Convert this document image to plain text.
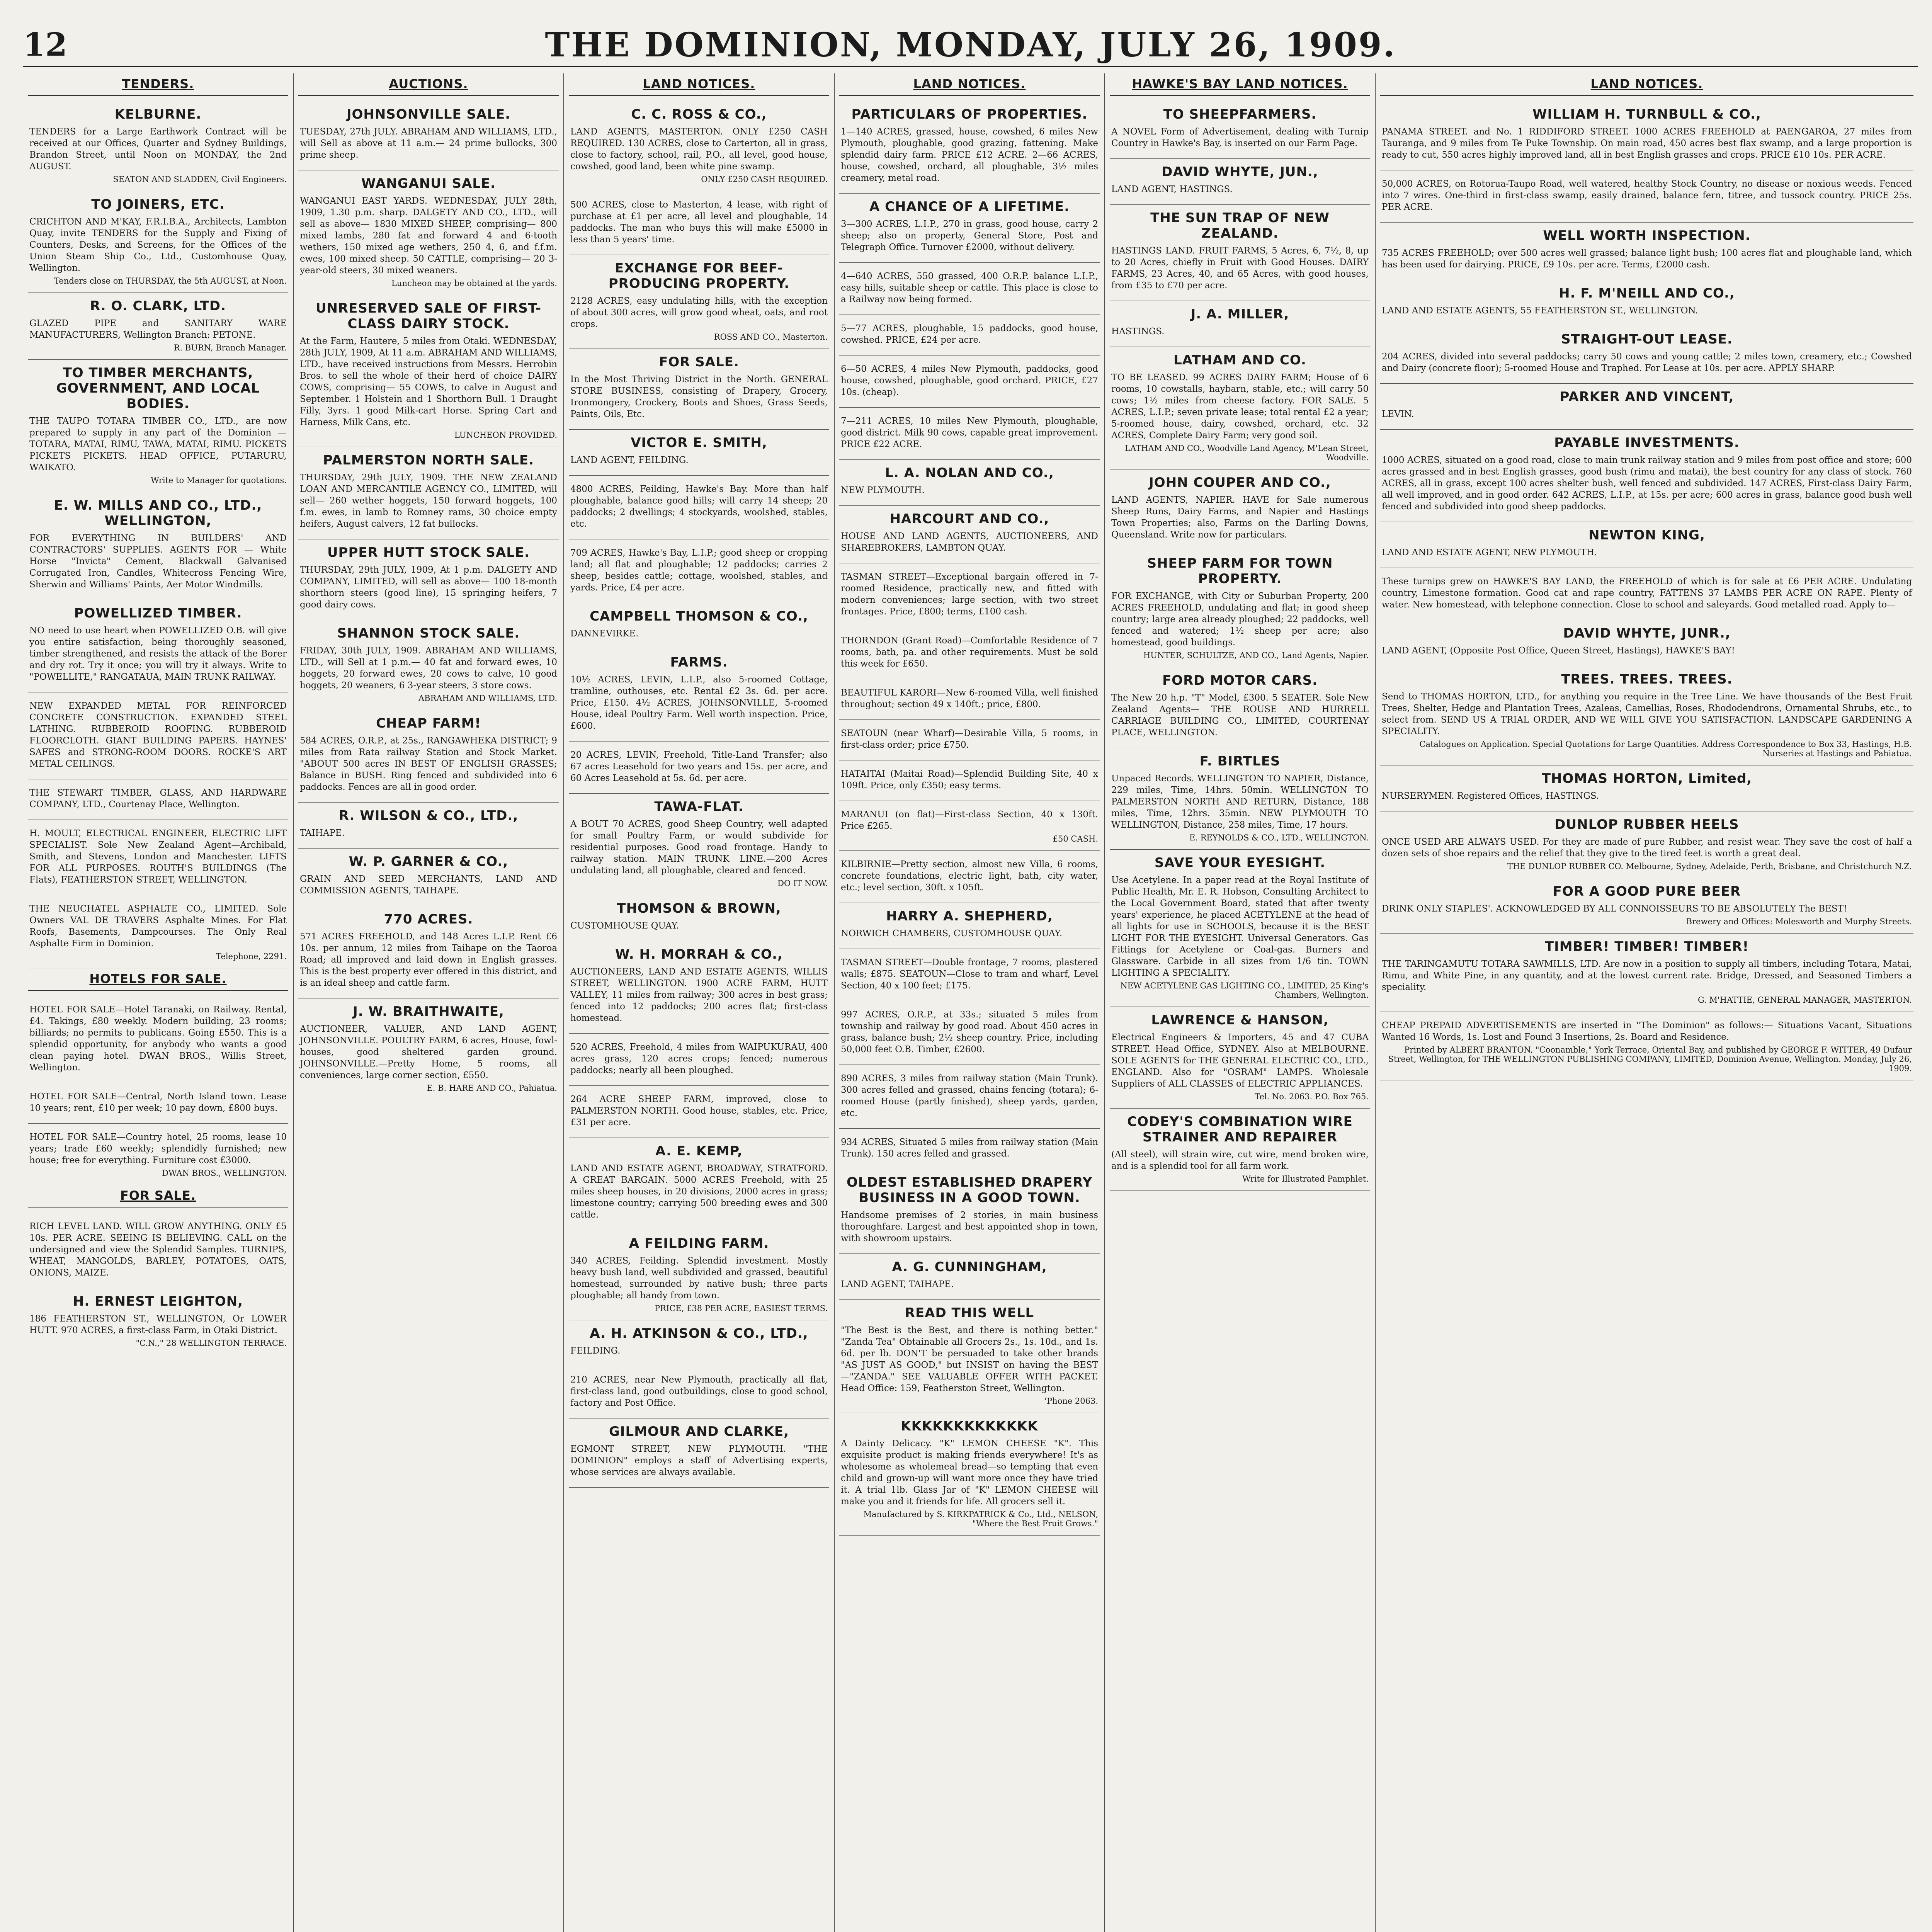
12	THE DOMINION, MONDAY, JULY 26, 1909.
TENDERS.
KELBURNE.

TENDERS for a Large Earthwork Contract will be received at our Offices, Quarter and Sydney Buildings, Brandon Street, until Noon on MONDAY, the 2nd AUGUST.

SEATON AND SLADDEN, Civil Engineers.
TO JOINERS, ETC.

CRICHTON AND M'KAY, F.R.I.B.A., Architects, Lambton Quay, invite TENDERS for the Supply and Fixing of Counters, Desks, and Screens, for the Offices of the Union Steam Ship Co., Ltd., Customhouse Quay, Wellington.

Tenders close on THURSDAY, the 5th AUGUST, at Noon.
R. O. CLARK, LTD.

GLAZED PIPE and SANITARY WARE MANUFACTURERS, Wellington Branch: PETONE.

R. BURN, Branch Manager.
TO TIMBER MERCHANTS, GOVERNMENT, AND LOCAL BODIES.

THE TAUPO TOTARA TIMBER CO., LTD., are now prepared to supply in any part of the Dominion — TOTARA, MATAI, RIMU, TAWA, MATAI, RIMU. PICKETS PICKETS PICKETS. HEAD OFFICE, PUTARURU, WAIKATO.

Write to Manager for quotations.
E. W. MILLS AND CO., LTD., WELLINGTON,

FOR EVERYTHING IN BUILDERS' AND CONTRACTORS' SUPPLIES. AGENTS FOR — White Horse "Invicta" Cement, Blackwall Galvanised Corrugated Iron, Candles, Whitecross Fencing Wire, Sherwin and Williams' Paints, Aer Motor Windmills.

POWELLIZED TIMBER.

NO need to use heart when POWELLIZED O.B. will give you entire satisfaction, being thoroughly seasoned, timber strengthened, and resists the attack of the Borer and dry rot. Try it once; you will try it always. Write to "POWELLITE," RANGATAUA, MAIN TRUNK RAILWAY.

NEW EXPANDED METAL FOR REINFORCED CONCRETE CONSTRUCTION. EXPANDED STEEL LATHING. RUBBEROID ROOFING. RUBBEROID FLOORCLOTH. GIANT BUILDING PAPERS. HAYNES' SAFES and STRONG-ROOM DOORS. ROCKE'S ART METAL CEILINGS.

THE STEWART TIMBER, GLASS, AND HARDWARE COMPANY, LTD., Courtenay Place, Wellington.

H. MOULT, ELECTRICAL ENGINEER, ELECTRIC LIFT SPECIALIST. Sole New Zealand Agent—Archibald, Smith, and Stevens, London and Manchester. LIFTS FOR ALL PURPOSES. ROUTH'S BUILDINGS (The Flats), FEATHERSTON STREET, WELLINGTON.

THE NEUCHATEL ASPHALTE CO., LIMITED. Sole Owners VAL DE TRAVERS Asphalte Mines. For Flat Roofs, Basements, Dampcourses. The Only Real Asphalte Firm in Dominion.

Telephone, 2291.
HOTELS FOR SALE.

HOTEL FOR SALE—Hotel Taranaki, on Railway. Rental, £4. Takings, £80 weekly. Modern building, 23 rooms; billiards; no permits to publicans. Going £550. This is a splendid opportunity, for anybody who wants a good clean paying hotel. DWAN BROS., Willis Street, Wellington.

HOTEL FOR SALE—Central, North Island town. Lease 10 years; rent, £10 per week; 10 pay down, £800 buys.

HOTEL FOR SALE—Country hotel, 25 rooms, lease 10 years; trade £60 weekly; splendidly furnished; new house; free for everything. Furniture cost £3000.

DWAN BROS., WELLINGTON.
FOR SALE.

RICH LEVEL LAND. WILL GROW ANYTHING. ONLY £5 10s. PER ACRE. SEEING IS BELIEVING. CALL on the undersigned and view the Splendid Samples. TURNIPS, WHEAT, MANGOLDS, BARLEY, POTATOES, OATS, ONIONS, MAIZE.

H. ERNEST LEIGHTON,

186 FEATHERSTON ST., WELLINGTON, Or LOWER HUTT. 970 ACRES, a first-class Farm, in Otaki District.

"C.N.," 28 WELLINGTON TERRACE.
AUCTIONS.
JOHNSONVILLE SALE.

TUESDAY, 27th JULY. ABRAHAM AND WILLIAMS, LTD., will Sell as above at 11 a.m.— 24 prime bullocks, 300 prime sheep.

WANGANUI SALE.

WANGANUI EAST YARDS. WEDNESDAY, JULY 28th, 1909, 1.30 p.m. sharp. DALGETY AND CO., LTD., will sell as above— 1830 MIXED SHEEP, comprising— 800 mixed lambs, 280 fat and forward 4 and 6-tooth wethers, 150 mixed age wethers, 250 4, 6, and f.f.m. ewes, 100 mixed sheep. 50 CATTLE, comprising— 20 3-year-old steers, 30 mixed weaners.

Luncheon may be obtained at the yards.
UNRESERVED SALE OF FIRST-CLASS DAIRY STOCK.

At the Farm, Hautere, 5 miles from Otaki. WEDNESDAY, 28th JULY, 1909, At 11 a.m. ABRAHAM AND WILLIAMS, LTD., have received instructions from Messrs. Herrobin Bros. to sell the whole of their herd of choice DAIRY COWS, comprising— 55 COWS, to calve in August and September. 1 Holstein and 1 Shorthorn Bull. 1 Draught Filly, 3yrs. 1 good Milk-cart Horse. Spring Cart and Harness, Milk Cans, etc.

LUNCHEON PROVIDED.
PALMERSTON NORTH SALE.

THURSDAY, 29th JULY, 1909. THE NEW ZEALAND LOAN AND MERCANTILE AGENCY CO., LIMITED, will sell— 260 wether hoggets, 150 forward hoggets, 100 f.m. ewes, in lamb to Romney rams, 30 choice empty heifers, August calvers, 12 fat bullocks.

UPPER HUTT STOCK SALE.

THURSDAY, 29th JULY, 1909, At 1 p.m. DALGETY AND COMPANY, LIMITED, will sell as above— 100 18-month shorthorn steers (good line), 15 springing heifers, 7 good dairy cows.

SHANNON STOCK SALE.

FRIDAY, 30th JULY, 1909. ABRAHAM AND WILLIAMS, LTD., will Sell at 1 p.m.— 40 fat and forward ewes, 10 hoggets, 20 forward ewes, 20 cows to calve, 10 good hoggets, 20 weaners, 6 3-year steers, 3 store cows.

ABRAHAM AND WILLIAMS, LTD.
CHEAP FARM!

584 ACRES, O.R.P., at 25s., RANGAWHEKA DISTRICT; 9 miles from Rata railway Station and Stock Market. "ABOUT 500 acres IN BEST OF ENGLISH GRASSES; Balance in BUSH. Ring fenced and subdivided into 6 paddocks. Fences are all in good order.

R. WILSON & CO., LTD.,

TAIHAPE.

W. P. GARNER & CO.,

GRAIN AND SEED MERCHANTS, LAND AND COMMISSION AGENTS, TAIHAPE.

770 ACRES.

571 ACRES FREEHOLD, and 148 Acres L.I.P. Rent £6 10s. per annum, 12 miles from Taihape on the Taoroa Road; all improved and laid down in English grasses. This is the best property ever offered in this district, and is an ideal sheep and cattle farm.

J. W. BRAITHWAITE,

AUCTIONEER, VALUER, AND LAND AGENT, JOHNSONVILLE. POULTRY FARM, 6 acres, House, fowl-houses, good sheltered garden ground. JOHNSONVILLE.—Pretty Home, 5 rooms, all conveniences, large corner section, £550.

E. B. HARE AND CO., Pahiatua.
LAND NOTICES.
C. C. ROSS & CO.,

LAND AGENTS, MASTERTON. ONLY £250 CASH REQUIRED. 130 ACRES, close to Carterton, all in grass, close to factory, school, rail, P.O., all level, good house, cowshed, good land, been white pine swamp.

ONLY £250 CASH REQUIRED.

500 ACRES, close to Masterton, 4 lease, with right of purchase at £1 per acre, all level and ploughable, 14 paddocks. The man who buys this will make £5000 in less than 5 years' time.

EXCHANGE FOR BEEF-PRODUCING PROPERTY.

2128 ACRES, easy undulating hills, with the exception of about 300 acres, will grow good wheat, oats, and root crops.

ROSS AND CO., Masterton.
FOR SALE.

In the Most Thriving District in the North. GENERAL STORE BUSINESS, consisting of Drapery, Grocery, Ironmongery, Crockery, Boots and Shoes, Grass Seeds, Paints, Oils, Etc.

VICTOR E. SMITH,

LAND AGENT, FEILDING.

4800 ACRES, Feilding, Hawke's Bay. More than half ploughable, balance good hills; will carry 14 sheep; 20 paddocks; 2 dwellings; 4 stockyards, woolshed, stables, etc.

709 ACRES, Hawke's Bay, L.I.P.; good sheep or cropping land; all flat and ploughable; 12 paddocks; carries 2 sheep, besides cattle; cottage, woolshed, stables, and yards. Price, £4 per acre.

CAMPBELL THOMSON & CO.,

DANNEVIRKE.

FARMS.

10½ ACRES, LEVIN, L.I.P., also 5-roomed Cottage, tramline, outhouses, etc. Rental £2 3s. 6d. per acre. Price, £150. 4½ ACRES, JOHNSONVILLE, 5-roomed House, ideal Poultry Farm. Well worth inspection. Price, £600.

20 ACRES, LEVIN, Freehold, Title-Land Transfer; also 67 acres Leasehold for two years and 15s. per acre, and 60 Acres Leasehold at 5s. 6d. per acre.

TAWA-FLAT.

A BOUT 70 ACRES, good Sheep Country, well adapted for small Poultry Farm, or would subdivide for residential purposes. Good road frontage. Handy to railway station. MAIN TRUNK LINE.—200 Acres undulating land, all ploughable, cleared and fenced.

DO IT NOW.
THOMSON & BROWN,

CUSTOMHOUSE QUAY.

W. H. MORRAH & CO.,

AUCTIONEERS, LAND AND ESTATE AGENTS, WILLIS STREET, WELLINGTON. 1900 ACRE FARM, HUTT VALLEY, 11 miles from railway; 300 acres in best grass; fenced into 12 paddocks; 200 acres flat; first-class homestead.

520 ACRES, Freehold, 4 miles from WAIPUKURAU, 400 acres grass, 120 acres crops; fenced; numerous paddocks; nearly all been ploughed.

264 ACRE SHEEP FARM, improved, close to PALMERSTON NORTH. Good house, stables, etc. Price, £31 per acre.

A. E. KEMP,

LAND AND ESTATE AGENT, BROADWAY, STRATFORD. A GREAT BARGAIN. 5000 ACRES Freehold, with 25 miles sheep houses, in 20 divisions, 2000 acres in grass; limestone country; carrying 500 breeding ewes and 300 cattle.

A FEILDING FARM.

340 ACRES, Feilding. Splendid investment. Mostly heavy bush land, well subdivided and grassed, beautiful homestead, surrounded by native bush; three parts ploughable; all handy from town.

PRICE, £38 PER ACRE, EASIEST TERMS.
A. H. ATKINSON & CO., LTD.,

FEILDING.

210 ACRES, near New Plymouth, practically all flat, first-class land, good outbuildings, close to good school, factory and Post Office.

GILMOUR AND CLARKE,

EGMONT STREET, NEW PLYMOUTH. "THE DOMINION" employs a staff of Advertising experts, whose services are always available.

LAND NOTICES.
PARTICULARS OF PROPERTIES.

1—140 ACRES, grassed, house, cowshed, 6 miles New Plymouth, ploughable, good grazing, fattening. Make splendid dairy farm. PRICE £12 ACRE. 2—66 ACRES, house, cowshed, orchard, all ploughable, 3½ miles creamery, metal road.

A CHANCE OF A LIFETIME.

3—300 ACRES, L.I.P., 270 in grass, good house, carry 2 sheep; also on property, General Store, Post and Telegraph Office. Turnover £2000, without delivery.

4—640 ACRES, 550 grassed, 400 O.R.P. balance L.I.P., easy hills, suitable sheep or cattle. This place is close to a Railway now being formed.

5—77 ACRES, ploughable, 15 paddocks, good house, cowshed. PRICE, £24 per acre.

6—50 ACRES, 4 miles New Plymouth, paddocks, good house, cowshed, ploughable, good orchard. PRICE, £27 10s. (cheap).

7—211 ACRES, 10 miles New Plymouth, ploughable, good district. Milk 90 cows, capable great improvement. PRICE £22 ACRE.

L. A. NOLAN AND CO.,

NEW PLYMOUTH.

HARCOURT AND CO.,

HOUSE AND LAND AGENTS, AUCTIONEERS, AND SHAREBROKERS, LAMBTON QUAY.

TASMAN STREET—Exceptional bargain offered in 7-roomed Residence, practically new, and fitted with modern conveniences; large section, with two street frontages. Price, £800; terms, £100 cash.

THORNDON (Grant Road)—Comfortable Residence of 7 rooms, bath, pa. and other requirements. Must be sold this week for £650.

BEAUTIFUL KARORI—New 6-roomed Villa, well finished throughout; section 49 x 140ft.; price, £800.

SEATOUN (near Wharf)—Desirable Villa, 5 rooms, in first-class order; price £750.

HATAITAI (Maitai Road)—Splendid Building Site, 40 x 109ft. Price, only £350; easy terms.

MARANUI (on flat)—First-class Section, 40 x 130ft. Price £265.

£50 CASH.

KILBIRNIE—Pretty section, almost new Villa, 6 rooms, concrete foundations, electric light, bath, city water, etc.; level section, 30ft. x 105ft.

HARRY A. SHEPHERD,

NORWICH CHAMBERS, CUSTOMHOUSE QUAY.

TASMAN STREET—Double frontage, 7 rooms, plastered walls; £875. SEATOUN—Close to tram and wharf, Level Section, 40 x 100 feet; £175.

997 ACRES, O.R.P., at 33s.; situated 5 miles from township and railway by good road. About 450 acres in grass, balance bush; 2½ sheep country. Price, including 50,000 feet O.B. Timber, £2600.

890 ACRES, 3 miles from railway station (Main Trunk). 300 acres felled and grassed, chains fencing (totara); 6-roomed House (partly finished), sheep yards, garden, etc.

934 ACRES, Situated 5 miles from railway station (Main Trunk). 150 acres felled and grassed.

OLDEST ESTABLISHED DRAPERY BUSINESS IN A GOOD TOWN.

Handsome premises of 2 stories, in main business thoroughfare. Largest and best appointed shop in town, with showroom upstairs.

A. G. CUNNINGHAM,

LAND AGENT, TAIHAPE.

READ THIS WELL

"The Best is the Best, and there is nothing better." "Zanda Tea" Obtainable all Grocers 2s., 1s. 10d., and 1s. 6d. per lb. DON'T be persuaded to take other brands "AS JUST AS GOOD," but INSIST on having the BEST—"ZANDA." SEE VALUABLE OFFER WITH PACKET. Head Office: 159, Featherston Street, Wellington.

'Phone 2063.
KKKKKKKKKKKKK

A Dainty Delicacy. "K" LEMON CHEESE "K". This exquisite product is making friends everywhere! It's as wholesome as wholemeal bread—so tempting that even child and grown-up will want more once they have tried it. A trial 1lb. Glass Jar of "K" LEMON CHEESE will make you and it friends for life. All grocers sell it.

Manufactured by S. KIRKPATRICK & Co., Ltd., NELSON, "Where the Best Fruit Grows."
HAWKE'S BAY LAND NOTICES.
TO SHEEPFARMERS.

A NOVEL Form of Advertisement, dealing with Turnip Country in Hawke's Bay, is inserted on our Farm Page.

DAVID WHYTE, JUN.,

LAND AGENT, HASTINGS.

THE SUN TRAP OF NEW ZEALAND.

HASTINGS LAND. FRUIT FARMS, 5 Acres, 6, 7½, 8, up to 20 Acres, chiefly in Fruit with Good Houses. DAIRY FARMS, 23 Acres, 40, and 65 Acres, with good houses, from £35 to £70 per acre.

J. A. MILLER,

HASTINGS.

LATHAM AND CO.

TO BE LEASED. 99 ACRES DAIRY FARM; House of 6 rooms, 10 cowstalls, haybarn, stable, etc.; will carry 50 cows; 1½ miles from cheese factory. FOR SALE. 5 ACRES, L.I.P.; seven private lease; total rental £2 a year; 5-roomed house, dairy, cowshed, orchard, etc. 32 ACRES, Complete Dairy Farm; very good soil.

LATHAM AND CO., Woodville Land Agency, M'Lean Street, Woodville.
JOHN COUPER AND CO.,

LAND AGENTS, NAPIER. HAVE for Sale numerous Sheep Runs, Dairy Farms, and Napier and Hastings Town Properties; also, Farms on the Darling Downs, Queensland. Write now for particulars.

SHEEP FARM FOR TOWN PROPERTY.

FOR EXCHANGE, with City or Suburban Property, 200 ACRES FREEHOLD, undulating and flat; in good sheep country; large area already ploughed; 22 paddocks, well fenced and watered; 1½ sheep per acre; also homestead, good buildings.

HUNTER, SCHULTZE, AND CO., Land Agents, Napier.
FORD MOTOR CARS.

The New 20 h.p. "T" Model, £300. 5 SEATER. Sole New Zealand Agents— THE ROUSE AND HURRELL CARRIAGE BUILDING CO., LIMITED, COURTENAY PLACE, WELLINGTON.

F. BIRTLES

Unpaced Records. WELLINGTON TO NAPIER, Distance, 229 miles, Time, 14hrs. 50min. WELLINGTON TO PALMERSTON NORTH AND RETURN, Distance, 188 miles, Time, 12hrs. 35min. NEW PLYMOUTH TO WELLINGTON, Distance, 258 miles, Time, 17 hours.

E. REYNOLDS & CO., LTD., WELLINGTON.
SAVE YOUR EYESIGHT.

Use Acetylene. In a paper read at the Royal Institute of Public Health, Mr. E. R. Hobson, Consulting Architect to the Local Government Board, stated that after twenty years' experience, he placed ACETYLENE at the head of all lights for use in SCHOOLS, because it is the BEST LIGHT FOR THE EYESIGHT. Universal Generators. Gas Fittings for Acetylene or Coal-gas. Burners and Glassware. Carbide in all sizes from 1/6 tin. TOWN LIGHTING A SPECIALITY.

NEW ACETYLENE GAS LIGHTING CO., LIMITED, 25 King's Chambers, Wellington.
LAWRENCE & HANSON,

Electrical Engineers & Importers, 45 and 47 CUBA STREET. Head Office, SYDNEY. Also at MELBOURNE. SOLE AGENTS for THE GENERAL ELECTRIC CO., LTD., ENGLAND. Also for "OSRAM" LAMPS. Wholesale Suppliers of ALL CLASSES of ELECTRIC APPLIANCES.

Tel. No. 2063. P.O. Box 765.
CODEY'S COMBINATION WIRE STRAINER AND REPAIRER

(All steel), will strain wire, cut wire, mend broken wire, and is a splendid tool for all farm work.

Write for Illustrated Pamphlet.
LAND NOTICES.
WILLIAM H. TURNBULL & CO.,

PANAMA STREET. and No. 1 RIDDIFORD STREET. 1000 ACRES FREEHOLD at PAENGAROA, 27 miles from Tauranga, and 9 miles from Te Puke Township. On main road, 450 acres best flax swamp, and a large proportion is ready to cut, 550 acres highly improved land, all in best English grasses and crops. PRICE £10 10s. PER ACRE.

50,000 ACRES, on Rotorua-Taupo Road, well watered, healthy Stock Country, no disease or noxious weeds. Fenced into 7 wires. One-third in first-class swamp, easily drained, balance fern, titree, and tussock country. PRICE 25s. PER ACRE.

WELL WORTH INSPECTION.

735 ACRES FREEHOLD; over 500 acres well grassed; balance light bush; 100 acres flat and ploughable land, which has been used for dairying. PRICE, £9 10s. per acre. Terms, £2000 cash.

H. F. M'NEILL AND CO.,

LAND AND ESTATE AGENTS, 55 FEATHERSTON ST., WELLINGTON.

STRAIGHT-OUT LEASE.

204 ACRES, divided into several paddocks; carry 50 cows and young cattle; 2 miles town, creamery, etc.; Cowshed and Dairy (concrete floor); 5-roomed House and Traphed. For Lease at 10s. per acre. APPLY SHARP.

PARKER AND VINCENT,

LEVIN.

PAYABLE INVESTMENTS.

1000 ACRES, situated on a good road, close to main trunk railway station and 9 miles from post office and store; 600 acres grassed and in best English grasses, good bush (rimu and matai), the best country for any class of stock. 760 ACRES, all in grass, except 100 acres shelter bush, well fenced and subdivided. 147 ACRES, First-class Dairy Farm, all well improved, and in good order. 642 ACRES, L.I.P., at 15s. per acre; 600 acres in grass, balance good bush well fenced and subdivided into good sheep paddocks.

NEWTON KING,

LAND AND ESTATE AGENT, NEW PLYMOUTH.

These turnips grew on HAWKE'S BAY LAND, the FREEHOLD of which is for sale at £6 PER ACRE. Undulating country, Limestone formation. Good cat and rape country, FATTENS 37 LAMBS PER ACRE ON RAPE. Plenty of water. New homestead, with telephone connection. Close to school and saleyards. Good metalled road. Apply to—

DAVID WHYTE, JUNR.,

LAND AGENT, (Opposite Post Office, Queen Street, Hastings), HAWKE'S BAY!

TREES. TREES. TREES.

Send to THOMAS HORTON, LTD., for anything you require in the Tree Line. We have thousands of the Best Fruit Trees, Shelter, Hedge and Plantation Trees, Azaleas, Camellias, Roses, Rhododendrons, Ornamental Shrubs, etc., to select from. SEND US A TRIAL ORDER, AND WE WILL GIVE YOU SATISFACTION. LANDSCAPE GARDENING A SPECIALITY.

Catalogues on Application. Special Quotations for Large Quantities. Address Correspondence to Box 33, Hastings, H.B. Nurseries at Hastings and Pahiatua.
THOMAS HORTON, Limited,

NURSERYMEN. Registered Offices, HASTINGS.

DUNLOP RUBBER HEELS

ONCE USED ARE ALWAYS USED. For they are made of pure Rubber, and resist wear. They save the cost of half a dozen sets of shoe repairs and the relief that they give to the tired feet is worth a great deal.

THE DUNLOP RUBBER CO. Melbourne, Sydney, Adelaide, Perth, Brisbane, and Christchurch N.Z.
FOR A GOOD PURE BEER

DRINK ONLY STAPLES'. ACKNOWLEDGED BY ALL CONNOISSEURS TO BE ABSOLUTELY The BEST!

Brewery and Offices: Molesworth and Murphy Streets.
TIMBER! TIMBER! TIMBER!

THE TARINGAMUTU TOTARA SAWMILLS, LTD. Are now in a position to supply all timbers, including Totara, Matai, Rimu, and White Pine, in any quantity, and at the lowest current rate. Bridge, Dressed, and Seasoned Timbers a speciality.

G. M'HATTIE, GENERAL MANAGER, MASTERTON.

CHEAP PREPAID ADVERTISEMENTS are inserted in "The Dominion" as follows:— Situations Vacant, Situations Wanted 16 Words, 1s. Lost and Found 3 Insertions, 2s. Board and Residence.

Printed by ALBERT BRANTON, "Coonamble," York Terrace, Oriental Bay, and published by GEORGE F. WITTER, 49 Dufaur Street, Wellington, for THE WELLINGTON PUBLISHING COMPANY, LIMITED, Dominion Avenue, Wellington. Monday, July 26, 1909.
